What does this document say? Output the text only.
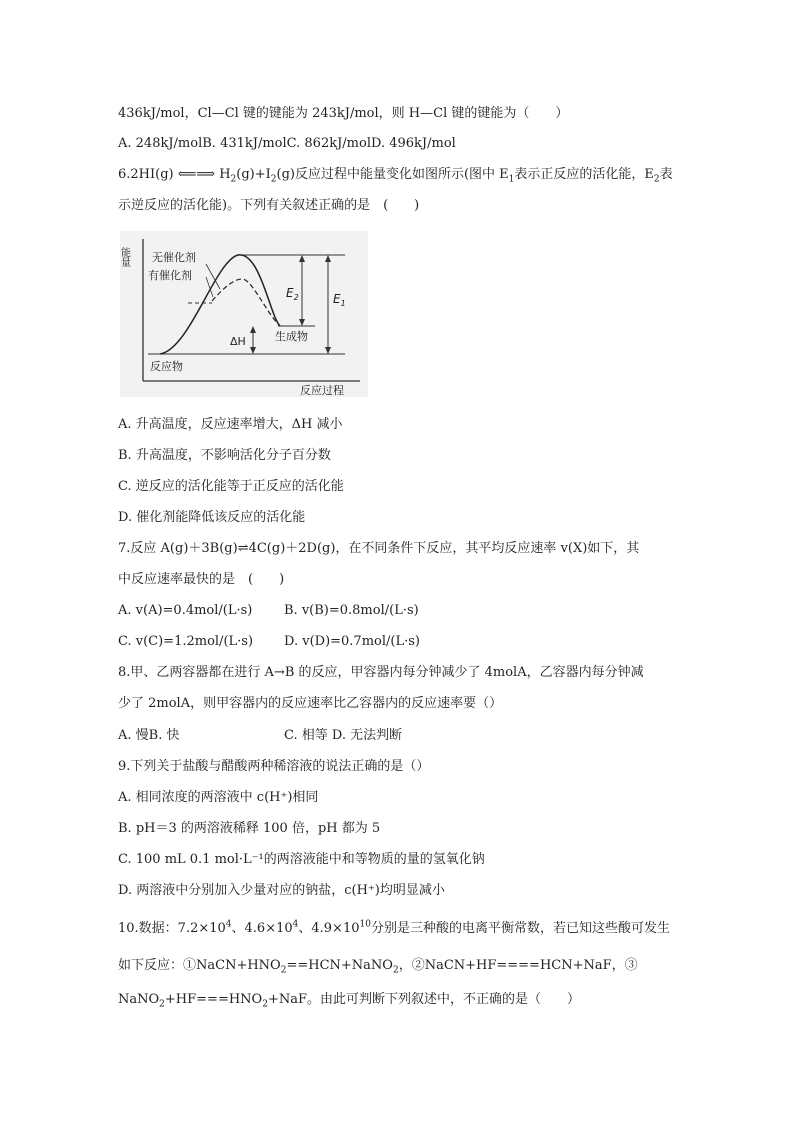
436kJ/mol，Cl—Cl 键的键能为 243kJ/mol，则 H—Cl 键的键能为（　　）
A. 248kJ/molB. 431kJ/molC. 862kJ/molD. 496kJ/mol
6.2HI(g) ⟸⟹ $H_2(g)+I_2(g)$反应过程中能量变化如图所示(图中 $E_1$表示正反应的活化能，$E_2$表
示逆反应的活化能)。下列有关叙述正确的是　(　　)
能量
反应过程
无催化剂
有催化剂
$E_2$	$E_1$
ΔH	生成物
反应物
A. 升高温度，反应速率增大，ΔH 减小
B. 升高温度，不影响活化分子百分数
C. 逆反应的活化能等于正反应的活化能
D. 催化剂能降低该反应的活化能
7.反应 A(g)＋3B(g)⇌4C(g)＋2D(g)，在不同条件下反应，其平均反应速率 v(X)如下，其
中反应速率最快的是　(　　)
A. v(A)=0.4mol/(L·s) B. v(B)=0.8mol/(L·s)
C. v(C)=1.2mol/(L·s) D. v(D)=0.7mol/(L·s)
8.甲、乙两容器都在进行 A→B 的反应，甲容器内每分钟减少了 4molA，乙容器内每分钟减
少了 2molA，则甲容器内的反应速率比乙容器内的反应速率要（）
A. 慢B. 快	C. 相等 D. 无法判断
9.下列关于盐酸与醋酸两种稀溶液的说法正确的是（）
A. 相同浓度的两溶液中 c(H⁺)相同
B. pH＝3 的两溶液稀释 100 倍，pH 都为 5
C. 100 mL 0.1 mol·L⁻¹的两溶液能中和等物质的量的氢氧化钠
D. 两溶液中分别加入少量对应的钠盐，c(H⁺)均明显减小
10.数据：$7.2\times 10^4$、$4.6\times 10^4$、$4.9\times 10^{10}$分别是三种酸的电离平衡常数，若已知这些酸可发生
如下反应：$①NaCN+HNO_2==HCN+NaNO_2$，②NaCN+HF====HCN+NaF，③
$NaNO_2+HF===HNO_2+NaF$。由此可判断下列叙述中，不正确的是（　　）
